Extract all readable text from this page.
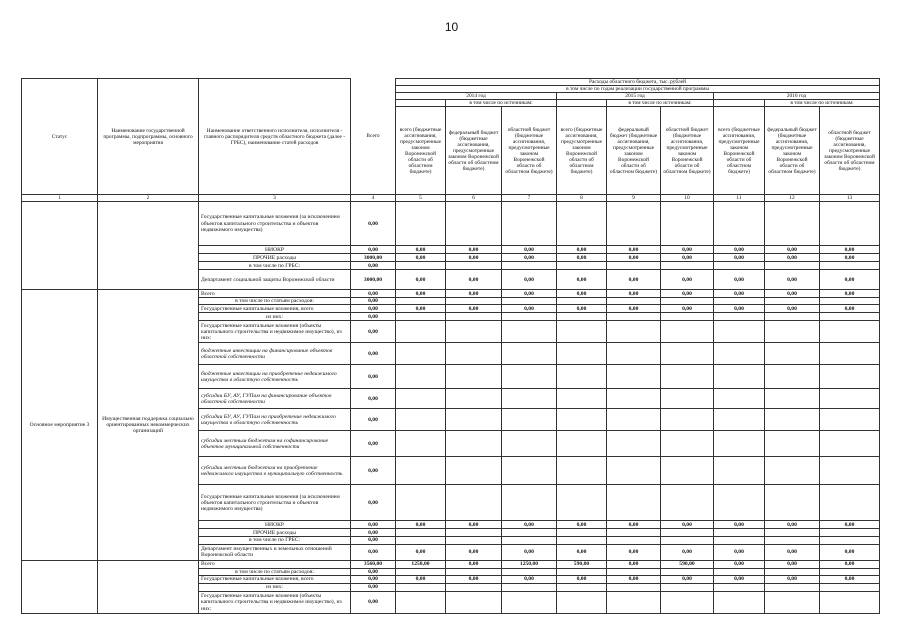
10
Статус	Наименование государственной программы, подпрограммы, основного мероприятия	Наименование ответственного исполнителя, исполнителя - главного распорядителя средств областного бюджета (далее - ГРБС), наименование статей расходов	Всего	Расходы областного бюджета, тыс. рублей								
				в том числе по годам реализации государственной программы								
				2014 год			2015 год			2016 год		
					в том числе по источникам:			в том числе по источникам:			в том числе по источникам:	
				всего (бюджетные ассигнования, предусмотренные законом Воронежской области об областном бюджете)	федеральный бюджет (бюджетные ассигнования, предусмотренные законом Воронежской области об областном бюджете)	областной бюджет (бюджетные ассигнования, предусмотренные законом Воронежской области об областном бюджете)	всего (бюджетные ассигнования, предусмотренные законом Воронежской области об областном бюджете)	федеральный бюджет (бюджетные ассигнования, предусмотренные законом Воронежской области об областном бюджете)	областной бюджет (бюджетные ассигнования, предусмотренные законом Воронежской области об областном бюджете)	всего (бюджетные ассигнования, предусмотренные законом Воронежской области об областном бюджете)	федеральный бюджет (бюджетные ассигнования, предусмотренные законом Воронежской области об областном бюджете)	областной бюджет (бюджетные ассигнования, предусмотренные законом Воронежской области об областном бюджете)
1	2	3	4	5	6	7	8	9	10	11	12	13
		Государственные капитальные вложения (за исключением объектов капитального строительства и объектов недвижимого имущества)	0,00									
		НИОКР	0,00	0,00	0,00	0,00	0,00	0,00	0,00	0,00	0,00	0,00
		ПРОЧИЕ расходы	3000,00	0,00	0,00	0,00	0,00	0,00	0,00	0,00	0,00	0,00
		в том числе по ГРБС:	0,00									
		Департамент социальной защиты Воронежской области	3000,00	0,00	0,00	0,00	0,00	0,00	0,00	0,00	0,00	0,00
Основное мероприятие 3	Имущественная поддержка социально ориентированных некоммерческих организаций	Всего	0,00	0,00	0,00	0,00	0,00	0,00	0,00	0,00	0,00	0,00
		в том числе по статьям расходов:	0,00									
		Государственные капитальные вложения, всего	0,00	0,00	0,00	0,00	0,00	0,00	0,00	0,00	0,00	0,00
		из них:	0,00									
		Государственные капитальные вложения (объекты капитального строительства и недвижимое имущество), из них:	0,00									
		бюджетные инвестиции на финансирование объектов областной собственности	0,00									
		бюджетные инвестиции на приобретение недвижимого имущества в областную собственность	0,00									
		субсидии БУ, АУ, ГУПам на финансирование объектов областной собственности	0,00									
		субсидии БУ, АУ, ГУПам на приобретение недвижимого имущества в областную собственность	0,00									
		субсидии местным бюджетам на софинансирование объектов муниципальной собственности	0,00									
		субсидии местным бюджетам на приобретение недвижимого имущества в муниципальную собственность	0,00									
		Государственные капитальные вложения (за исключением объектов капитального строительства и объектов недвижимого имущества)	0,00									
		НИОКР	0,00	0,00	0,00	0,00	0,00	0,00	0,00	0,00	0,00	0,00
		ПРОЧИЕ расходы	0,00									
		в том числе по ГРБС:	0,00									
		Департамент имущественных и земельных отношений Воронежской области	0,00	0,00	0,00	0,00	0,00	0,00	0,00	0,00	0,00	0,00
		Всего	3560,00	1250,00	0,00	1250,00	590,00	0,00	590,00	0,00	0,00	0,00
		в том числе по статьям расходов:	0,00									
		Государственные капитальные вложения, всего	0,00	0,00	0,00	0,00	0,00	0,00	0,00	0,00	0,00	0,00
		из них:	0,00									
		Государственные капитальные вложения (объекты капитального строительства и недвижимое имущество), из них:	0,00									
